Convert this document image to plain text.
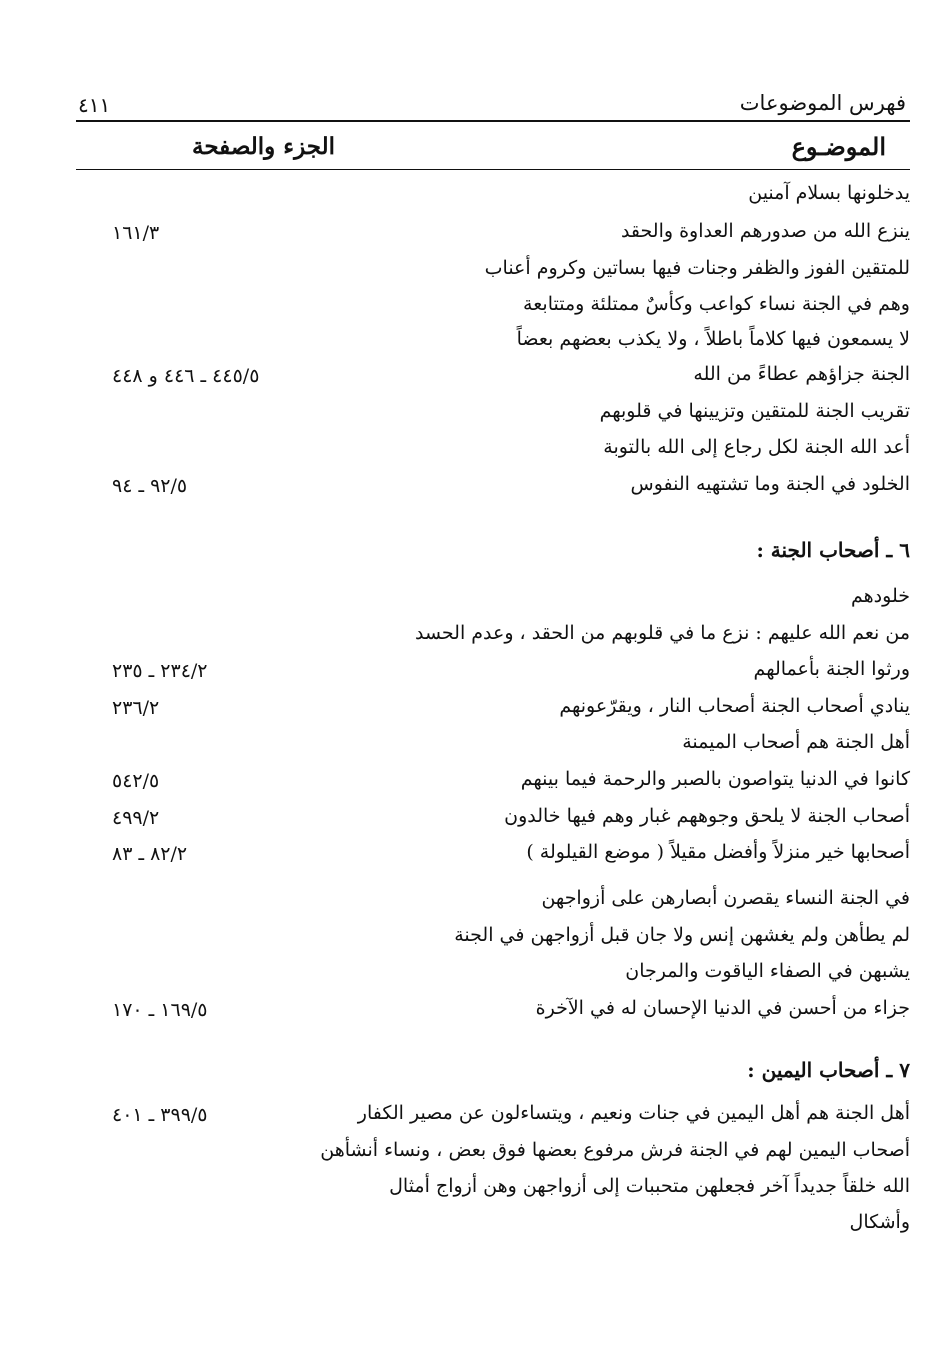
فهرس الموضوعات
٤١١
الموضـوع
الجزء والصفحة
يدخلونها بسلام آمنين
ينزع الله من صدورهم العداوة والحقد
١٦١/٣
للمتقين الفوز والظفر وجنات فيها بساتين وكروم أعناب
وهم في الجنة نساء كواعب وكأسٌ ممتلئة ومتتابعة
لا يسمعون فيها كلاماً باطلاً ، ولا يكذب بعضهم بعضاً
الجنة جزاؤهم عطاءً من الله
٤٤٥/٥ ـ ٤٤٦ و ٤٤٨
تقريب الجنة للمتقين وتزيينها في قلوبهم
أعد الله الجنة لكل رجاع إلى الله بالتوبة
الخلود في الجنة وما تشتهيه النفوس
٩٢/٥ ـ ٩٤
٦ ـ أصحاب الجنة :
خلودهم
من نعم الله عليهم : نزع ما في قلوبهم من الحقد ، وعدم الحسد
ورثوا الجنة بأعمالهم
٢٣٤/٢ ـ ٢٣٥
ينادي أصحاب الجنة أصحاب النار ، ويقرّعونهم
٢٣٦/٢
أهل الجنة هم أصحاب الميمنة
كانوا في الدنيا يتواصون بالصبر والرحمة فيما بينهم
٥٤٢/٥
أصحاب الجنة لا يلحق وجوههم غبار وهم فيها خالدون
٤٩٩/٢
أصحابها خير منزلاً وأفضل مقيلاً ( موضع القيلولة )
٨٢/٢ ـ ٨٣
في الجنة النساء يقصرن أبصارهن على أزواجهن
لم يطأهن ولم يغشهن إنس ولا جان قبل أزواجهن في الجنة
يشبهن في الصفاء الياقوت والمرجان
جزاء من أحسن في الدنيا الإحسان له في الآخرة
١٦٩/٥ ـ ١٧٠
٧ ـ أصحاب اليمين :
أهل الجنة هم أهل اليمين في جنات ونعيم ، ويتساءلون عن مصير الكفار
٣٩٩/٥ ـ ٤٠١
أصحاب اليمين لهم في الجنة فرش مرفوع بعضها فوق بعض ، ونساء أنشأهن
الله خلقاً جديداً آخر فجعلهن متحببات إلى أزواجهن وهن أزواج أمثال
وأشكال
